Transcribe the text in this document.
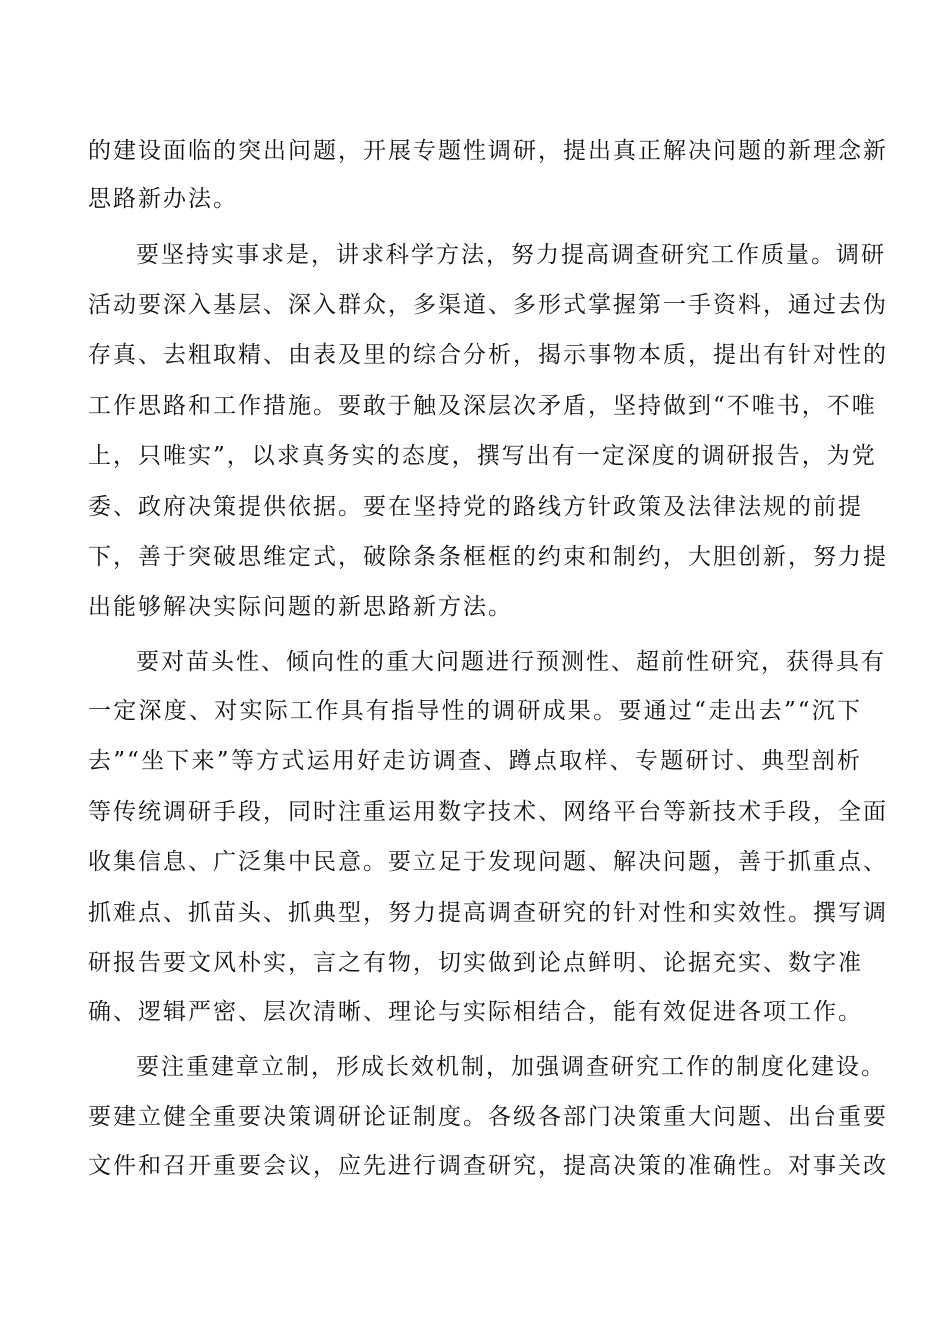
的建设面临的突出问题，开展专题性调研，提出真正解决问题的新理念新
思路新办法。
要坚持实事求是，讲求科学方法，努力提高调查研究工作质量。调研
活动要深入基层、深入群众，多渠道、多形式掌握第一手资料，通过去伪
存真、去粗取精、由表及里的综合分析，揭示事物本质，提出有针对性的
工作思路和工作措施。要敢于触及深层次矛盾，坚持做到“不唯书，不唯
上，只唯实”，以求真务实的态度，撰写出有一定深度的调研报告，为党
委、政府决策提供依据。要在坚持党的路线方针政策及法律法规的前提
下，善于突破思维定式，破除条条框框的约束和制约，大胆创新，努力提
出能够解决实际问题的新思路新方法。
要对苗头性、倾向性的重大问题进行预测性、超前性研究，获得具有
一定深度、对实际工作具有指导性的调研成果。要通过“走出去”“沉下
去”“坐下来”等方式运用好走访调查、蹲点取样、专题研讨、典型剖析
等传统调研手段，同时注重运用数字技术、网络平台等新技术手段，全面
收集信息、广泛集中民意。要立足于发现问题、解决问题，善于抓重点、
抓难点、抓苗头、抓典型，努力提高调查研究的针对性和实效性。撰写调
研报告要文风朴实，言之有物，切实做到论点鲜明、论据充实、数字准
确、逻辑严密、层次清晰、理论与实际相结合，能有效促进各项工作。
要注重建章立制，形成长效机制，加强调查研究工作的制度化建设。
要建立健全重要决策调研论证制度。各级各部门决策重大问题、出台重要
文件和召开重要会议，应先进行调查研究，提高决策的准确性。对事关改
